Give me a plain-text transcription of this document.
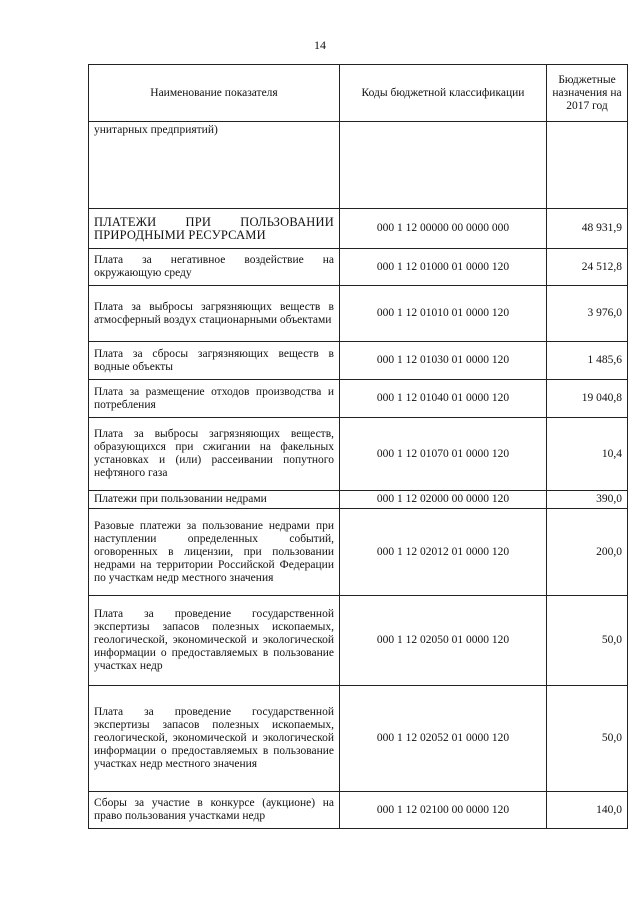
14
Наименование показателя	Коды бюджетной классификации	Бюджетные назначения на 2017 год
унитарных предприятий)		
ПЛАТЕЖИ ПРИ ПОЛЬЗОВАНИИ ПРИРОДНЫМИ РЕСУРСАМИ	000 1 12 00000 00 0000 000	48 931,9
Плата за негативное воздействие на окружающую среду	000 1 12 01000 01 0000 120	24 512,8
Плата за выбросы загрязняющих веществ в атмосферный воздух стационарными объектами	000 1 12 01010 01 0000 120	3 976,0
Плата за сбросы загрязняющих веществ в водные объекты	000 1 12 01030 01 0000 120	1 485,6
Плата за размещение отходов производства и потребления	000 1 12 01040 01 0000 120	19 040,8
Плата за выбросы загрязняющих веществ, образующихся при сжигании на факельных установках и (или) рассеивании попутного нефтяного газа	000 1 12 01070 01 0000 120	10,4
Платежи при пользовании недрами	000 1 12 02000 00 0000 120	390,0
Разовые платежи за пользование недрами при наступлении определенных событий, оговоренных в лицензии, при пользовании недрами на территории Российской Федерации по участкам недр местного значения	000 1 12 02012 01 0000 120	200,0
Плата за проведение государственной экспертизы запасов полезных ископаемых, геологической, экономической и экологической информации о предоставляемых в пользование участках недр	000 1 12 02050 01 0000 120	50,0
Плата за проведение государственной экспертизы запасов полезных ископаемых, геологической, экономической и экологической информации о предоставляемых в пользование участках недр местного значения	000 1 12 02052 01 0000 120	50,0
Сборы за участие в конкурсе (аукционе) на право пользования участками недр	000 1 12 02100 00 0000 120	140,0
